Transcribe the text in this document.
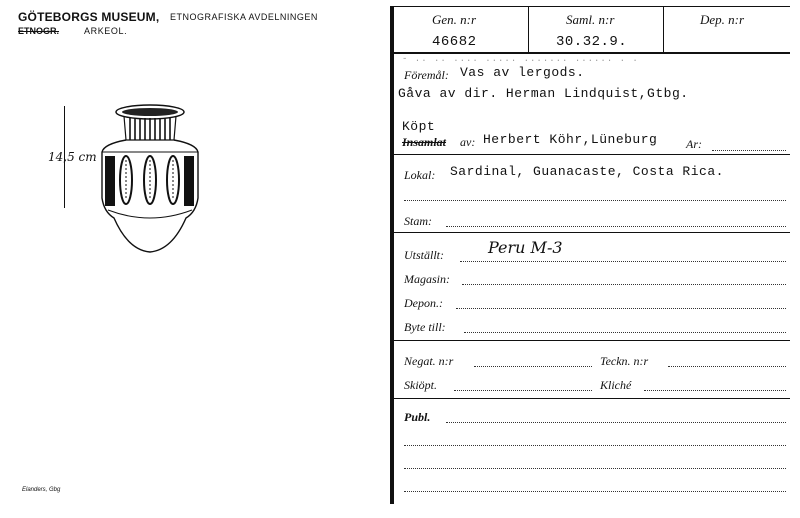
GÖTEBORGS MUSEUM, ETNOGRAFISKA AVDELNINGEN
ETNOGR.	ARKEOL.
14,5 cm
Elanders, Gbg
Gen. n:r
46682
Saml. n:r
30.32.9.
Dep. n:r
- .. .. .... ..... ....... ...... . .
Föremål: Vas av lergods.
Gåva av dir. Herman Lindquist,Gtbg.
Köpt
Insamlat av: Herbert Köhr,Lüneburg Ar:
Lokal: Sardinal, Guanacaste, Costa Rica.
Stam:
Utställt:	Peru M-3
Magasin:
Depon.:
Byte till:
Negat. n:r	Teckn. n:r
Skiöpt.	Kliché
Publ.
